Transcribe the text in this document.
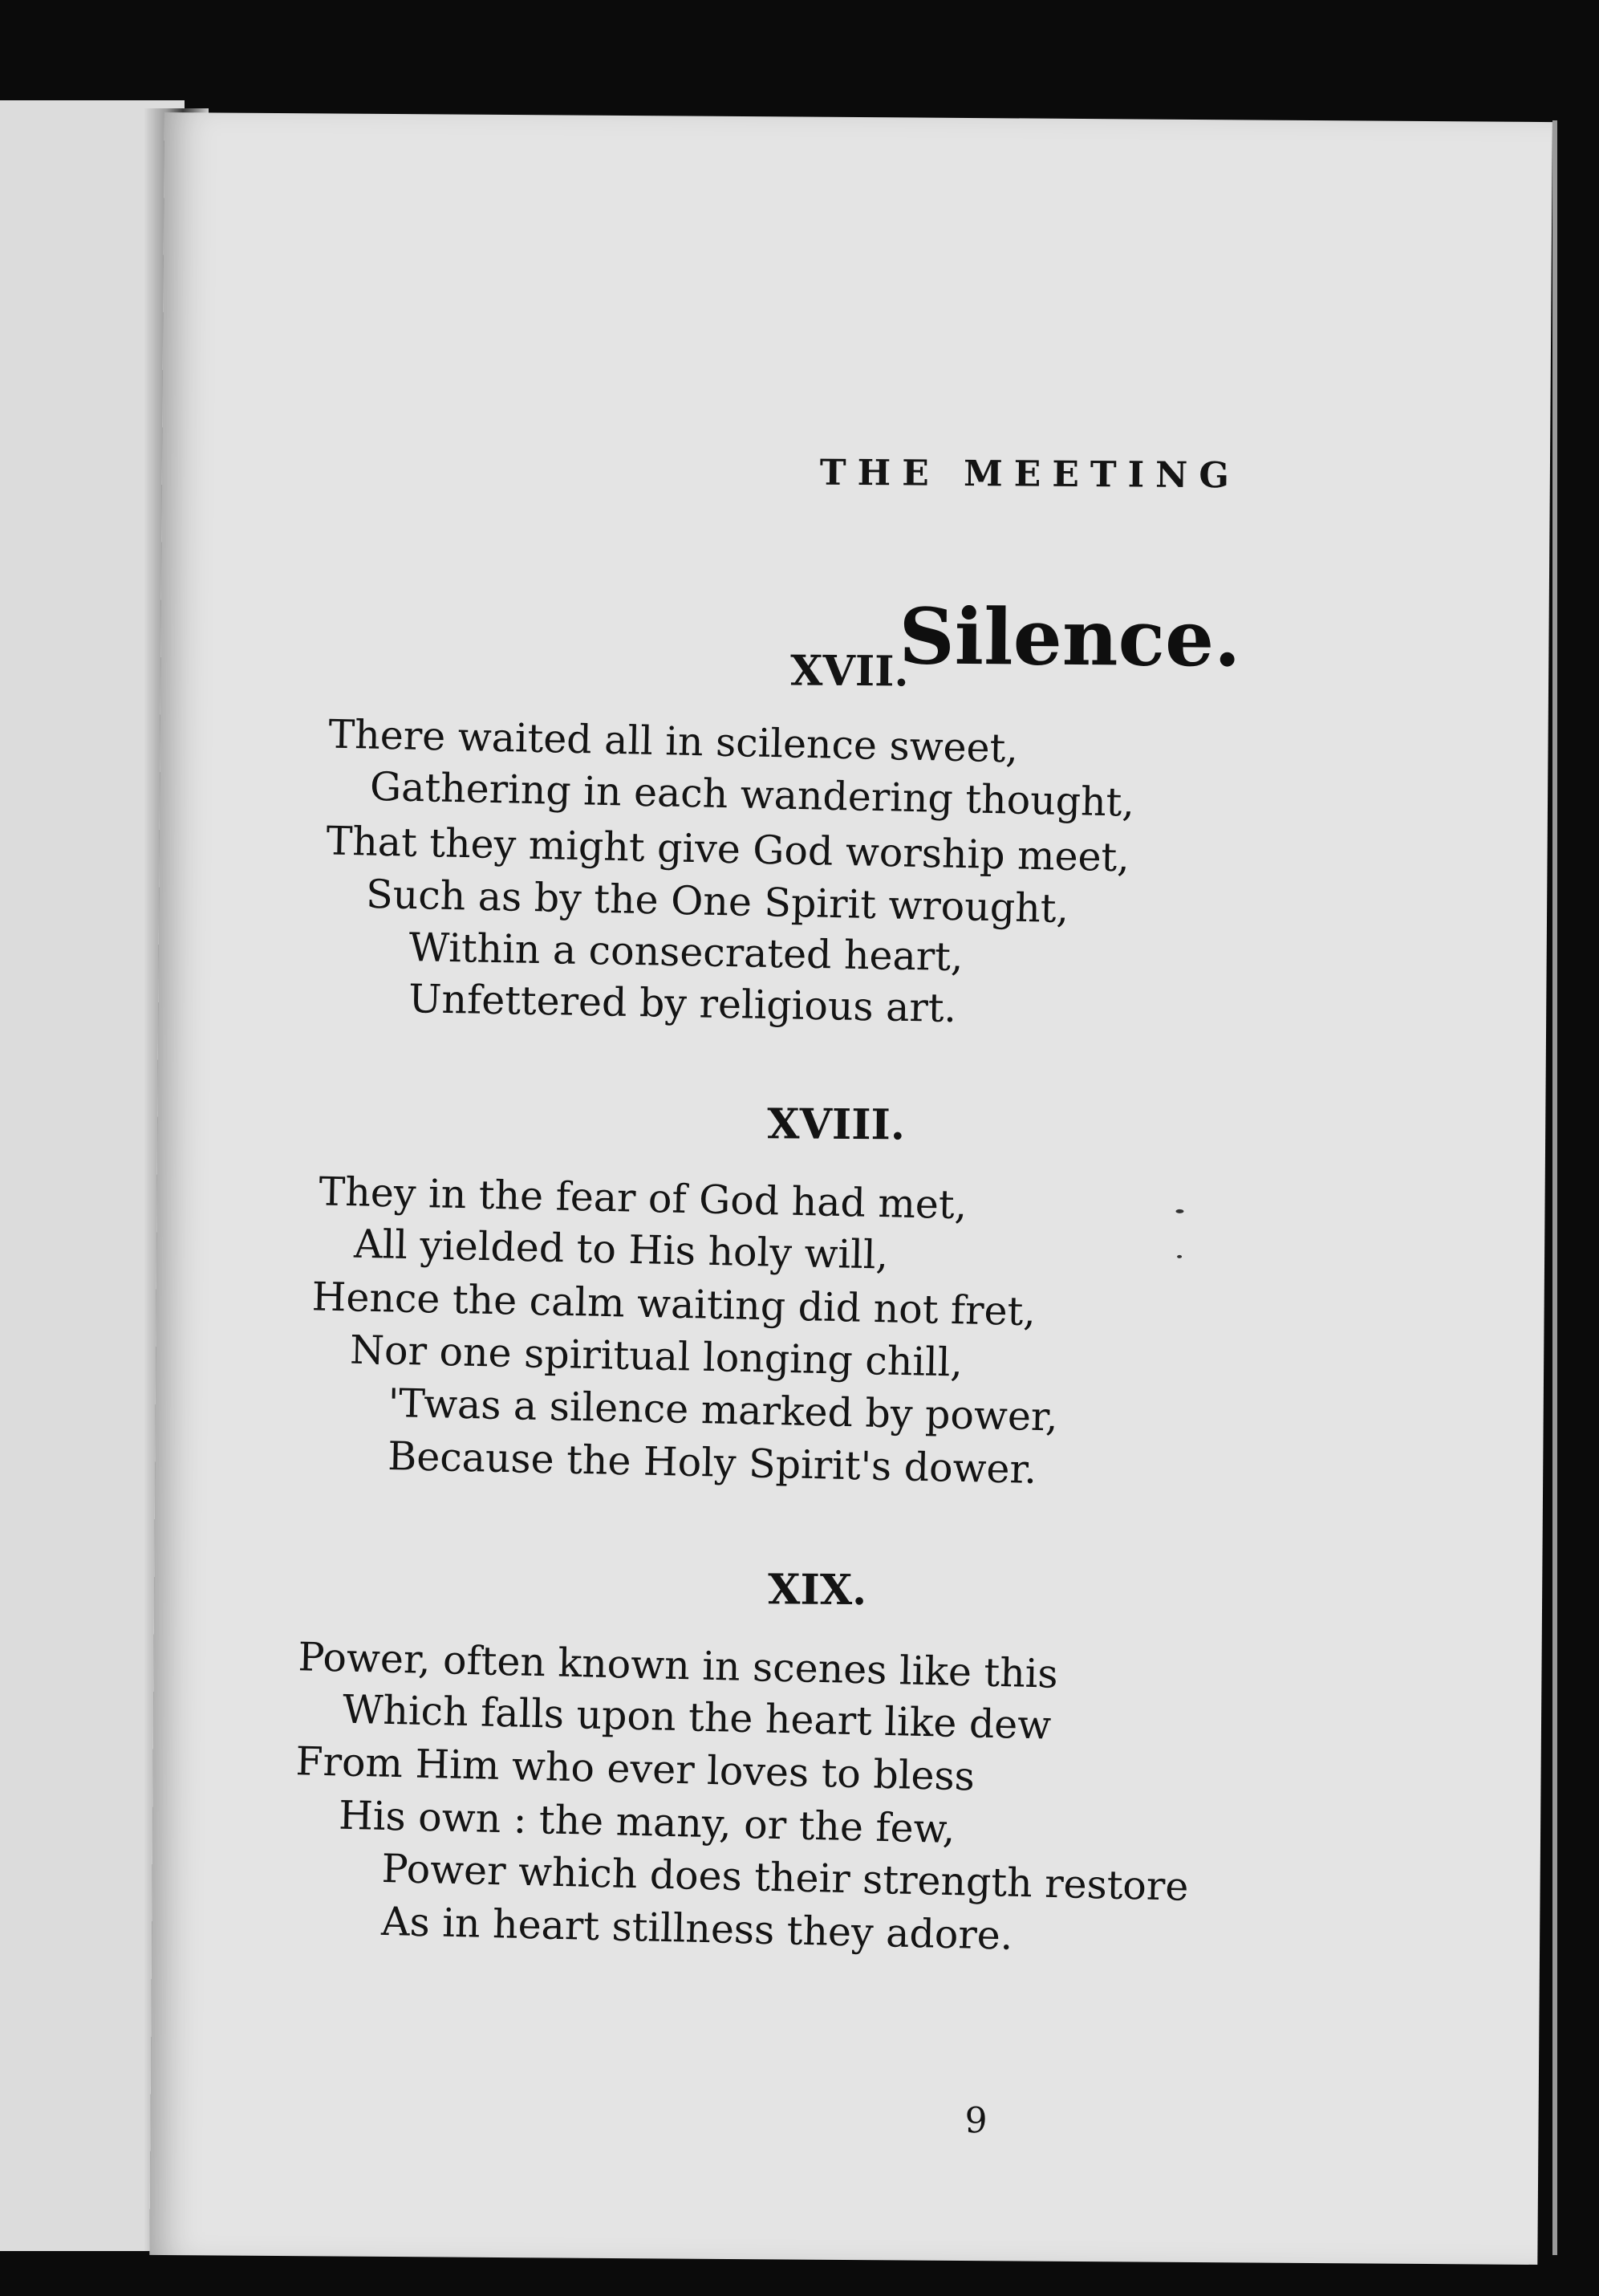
THE MEETING
Silence.
XVII.
There waited all in scilence sweet,
Gathering in each wandering thought,
That they might give God worship meet,
Such as by the One Spirit wrought,
Within a consecrated heart,
Unfettered by religious art.
XVIII.
They in the fear of God had met,
All yielded to His holy will,
Hence the calm waiting did not fret,
Nor one spiritual longing chill,
'Twas a silence marked by power,
Because the Holy Spirit's dower.
XIX.
Power, often known in scenes like this
Which falls upon the heart like dew
From Him who ever loves to bless
His own : the many, or the few,
Power which does their strength restore
As in heart stillness they adore.
9
